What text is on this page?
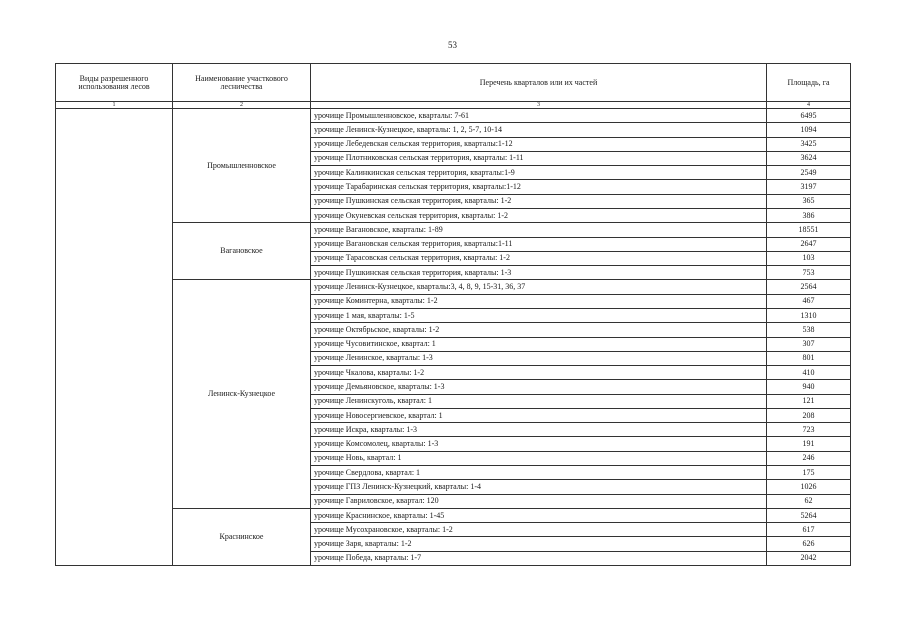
53
Виды разрешенного использования лесов	Наименование участкового лесничества	Перечень кварталов или их частей	Площадь, га
1	2	3	4
	Промышленновское	урочище Промышленновское, кварталы: 7-61	6495
		урочище Ленинск-Кузнецкое, кварталы: 1, 2, 5-7, 10-14	1094
		урочище Лебедевская сельская территория, кварталы:1-12	3425
		урочище Плотниковская сельская территория, кварталы: 1-11	3624
		урочище Калинкинская сельская территория, кварталы:1-9	2549
		урочище Тарабаринская сельская территория, кварталы:1-12	3197
		урочище Пушкинская сельская территория, кварталы: 1-2	365
		урочище Окуневская сельская территория, кварталы: 1-2	386
	Вагановское	урочище Вагановское, кварталы: 1-89	18551
		урочище Вагановская сельская территория, кварталы:1-11	2647
		урочище Тарасовская сельская территория, кварталы: 1-2	103
		урочище Пушкинская сельская территория, кварталы: 1-3	753
	Ленинск-Кузнецкое	урочище Ленинск-Кузнецкое, кварталы:3, 4, 8, 9, 15-31, 36, 37	2564
		урочище Коминтерна, кварталы: 1-2	467
		урочище 1 мая, кварталы: 1-5	1310
		урочище Октябрьское, кварталы: 1-2	538
		урочище Чусовитинское, квартал: 1	307
		урочище Ленинское, кварталы: 1-3	801
		урочище Чкалова, кварталы: 1-2	410
		урочище Демьяновское, кварталы: 1-3	940
		урочище Ленинскуголь, квартал: 1	121
		урочище Новосергиевское, квартал: 1	208
		урочище Искра, кварталы: 1-3	723
		урочище Комсомолец, кварталы: 1-3	191
		урочище Новь, квартал: 1	246
		урочище Свердлова, квартал: 1	175
		урочище ГПЗ Ленинск-Кузнецкий, кварталы: 1-4	1026
		урочище Гавриловское, квартал: 120	62
	Краснинское	урочище Краснинское, кварталы: 1-45	5264
		урочище Мусохрановское, кварталы: 1-2	617
		урочище Заря, кварталы: 1-2	626
		урочище Победа, кварталы: 1-7	2042
